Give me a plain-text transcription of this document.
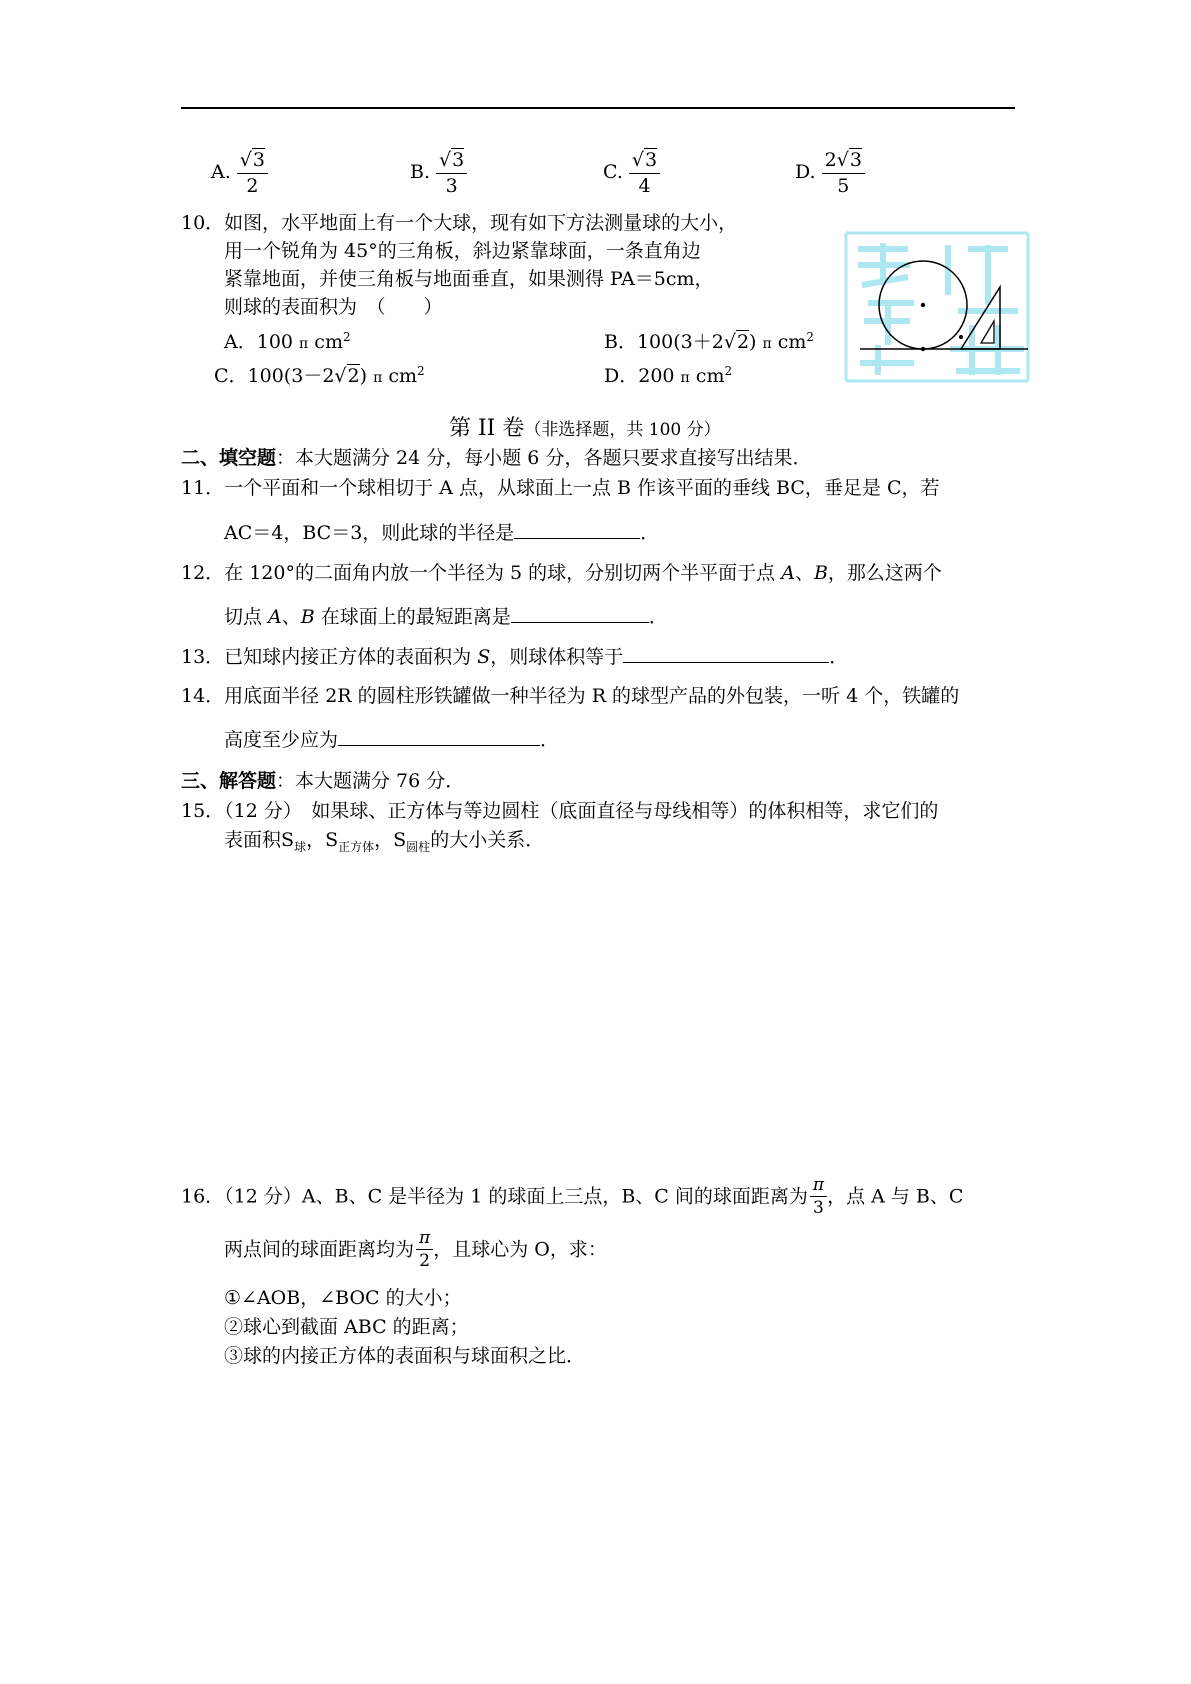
A. $\frac{√3}{2}$	B. $\frac{√3}{3}$	C. $\frac{√3}{4}$	D. $\frac{2√3}{5}$
10．如图，水平地面上有一个大球，现有如下方法测量球的大小，
用一个锐角为 45°的三角板，斜边紧靠球面，一条直角边
紧靠地面，并使三角板与地面垂直，如果测得 PA＝5cm，
则球的表面积为　（　　）
A．100 π $cm^2$	B．100(3＋2√2) π $cm^2$
C．100(3－2√2) π $cm^2$	D．200 π $cm^2$
第 II 卷（非选择题，共 100 分）
二、填空题：本大题满分 24 分，每小题 6 分，各题只要求直接写出结果．
11．一个平面和一个球相切于 A 点，从球面上一点 B 作该平面的垂线 BC，垂足是 C，若
AC＝4，BC＝3，则此球的半径是	．
12．在 120°的二面角内放一个半径为 5 的球，分别切两个半平面于点 A、B，那么这两个
切点 A、B 在球面上的最短距离是	．
13．已知球内接正方体的表面积为 S，则球体积等于	．
14．用底面半径 2R 的圆柱形铁罐做一种半径为 R 的球型产品的外包装，一听 4 个，铁罐的
高度至少应为	．
三、解答题：本大题满分 76 分．
15．（12 分）　如果球、正方体与等边圆柱（底面直径与母线相等）的体积相等，求它们的
表面积$S_球$，$S_{正方体}$，$S_{圆柱}$的大小关系．
16．（12 分）A、B、C 是半径为 1 的球面上三点，B、C 间的球面距离为 $\frac{\pi}{3}$ ，点 A 与 B、C
两点间的球面距离均为 $\frac{\pi}{2}$ ，且球心为 O，求：
①∠AOB，∠BOC 的大小；
②球心到截面 ABC 的距离；
③球的内接正方体的表面积与球面积之比．
